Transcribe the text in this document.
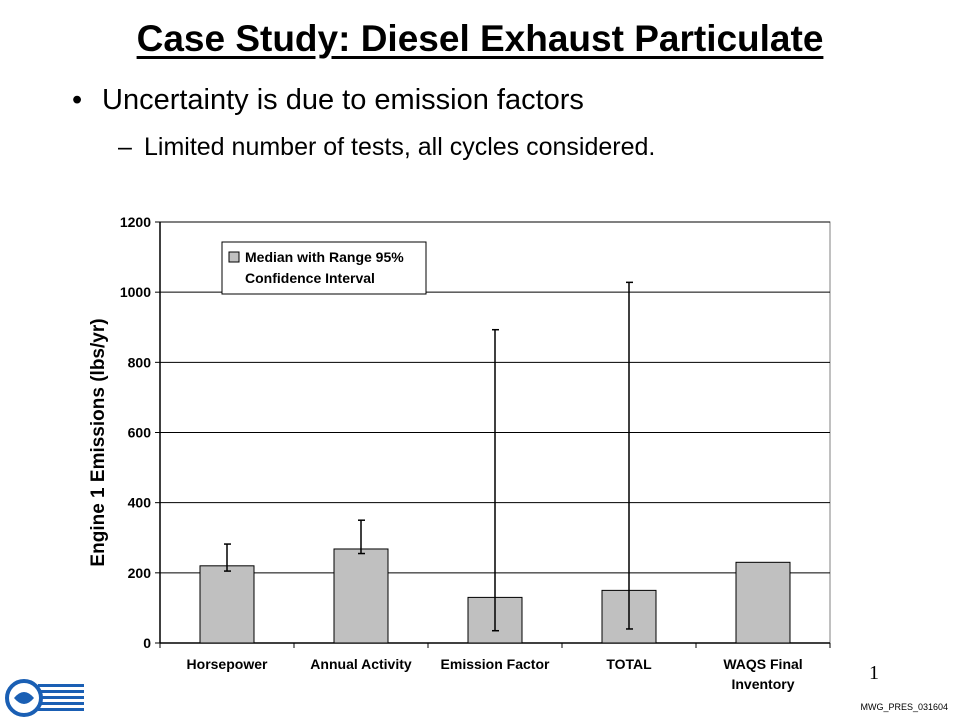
Case Study: Diesel Exhaust Particulate
• Uncertainty is due to emission factors
– Limited number of tests, all cycles considered.
0
200
400
600
800
1000
1200
Horsepower	Annual Activity Emission Factor	TOTAL	WAQS Final
Inventory
Engine 1 Emissions (lbs/yr)
Median with Range 95%
Confidence Interval
1
MWG_PRES_031604
